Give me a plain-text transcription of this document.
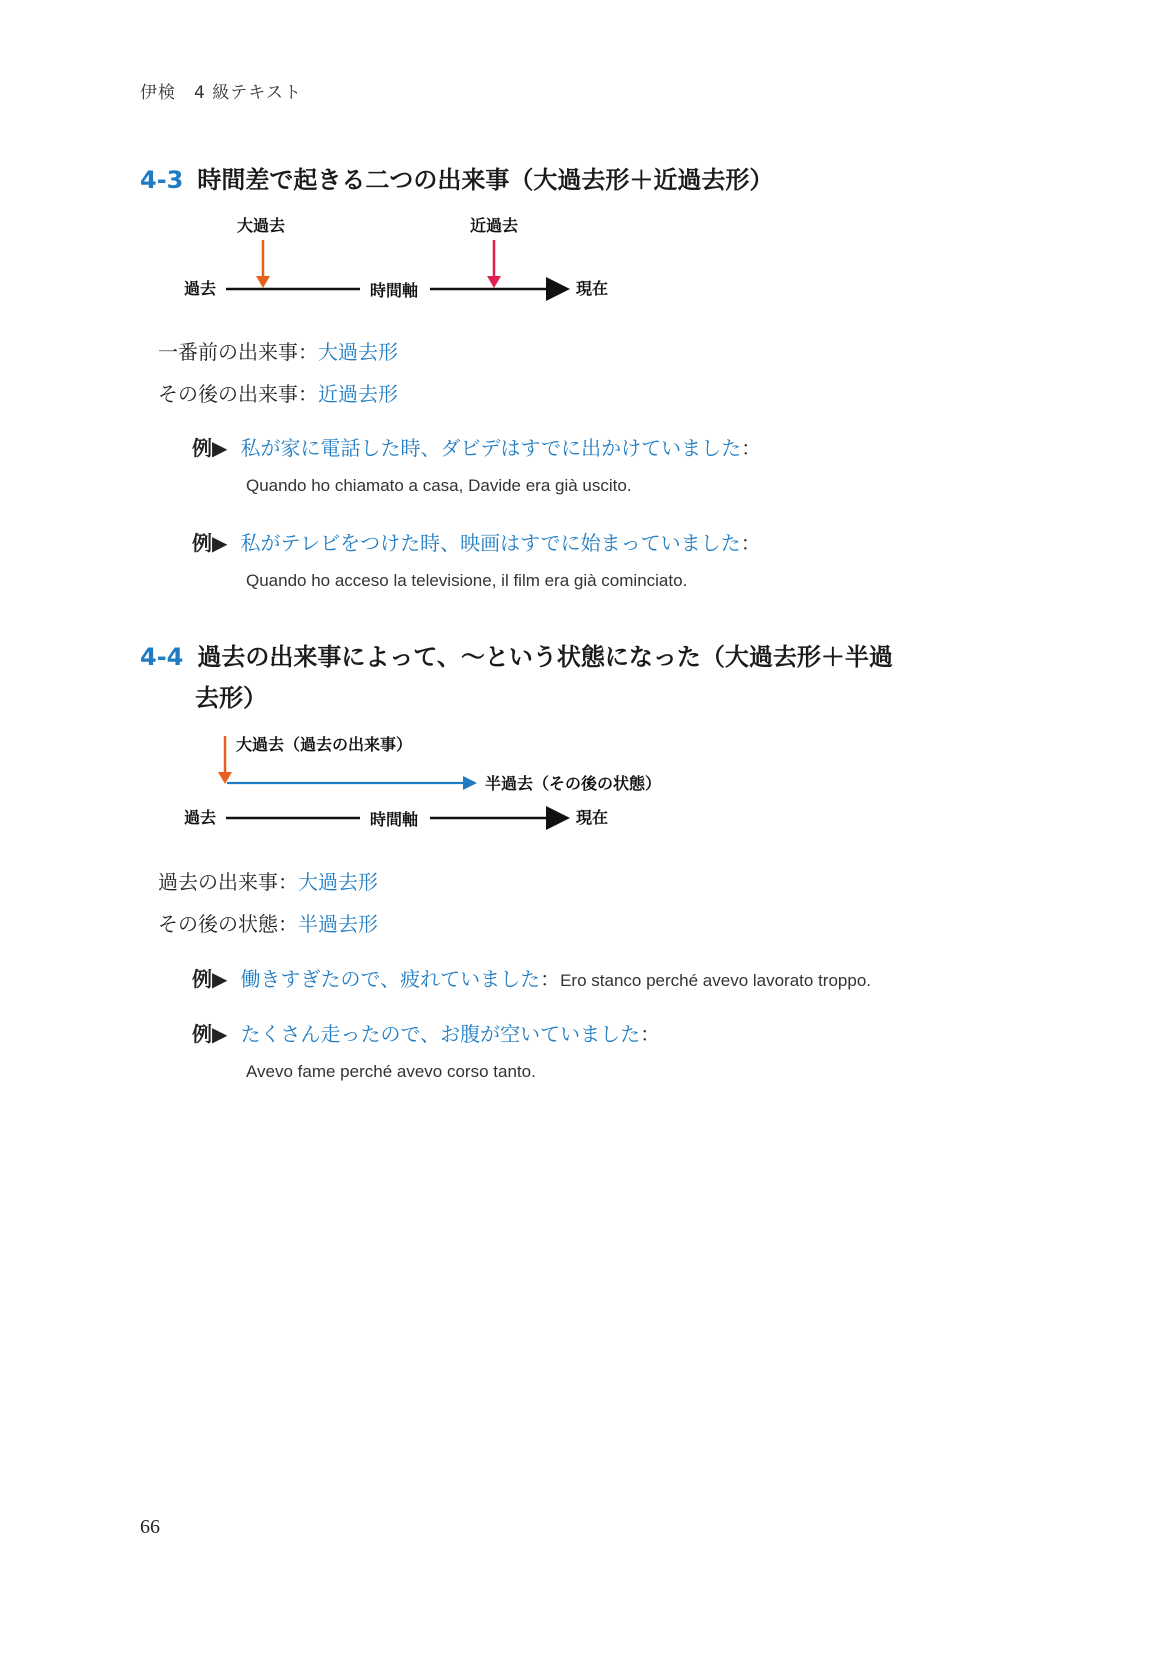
伊検　4 級テキスト
4-3 時間差で起きる二つの出来事（大過去形＋近過去形）
大過去	近過去
過去	時間軸	現在
一番前の出来事：大過去形
その後の出来事：近過去形
例▶ 私が家に電話した時、ダビデはすでに出かけていました：
Quando ho chiamato a casa, Davide era già uscito.
例▶ 私がテレビをつけた時、映画はすでに始まっていました：
Quando ho acceso la televisione, il film era già cominciato.
4-4 過去の出来事によって、～という状態になった（大過去形＋半過
去形）
大過去（過去の出来事）
半過去（その後の状態）
過去	時間軸	現在
過去の出来事：大過去形
その後の状態：半過去形
例▶ 働きすぎたので、疲れていました：Ero stanco perché avevo lavorato troppo.
例▶ たくさん走ったので、お腹が空いていました：
Avevo fame perché avevo corso tanto.
66
